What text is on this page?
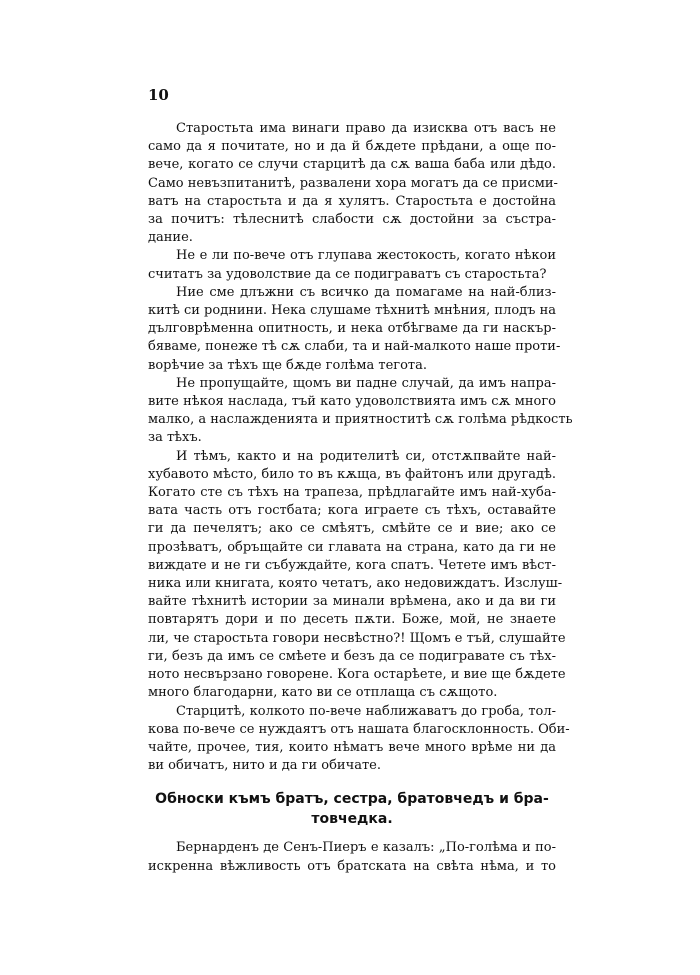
10
Старостьта има винаги право да изисква отъ васъ не
само да я почитате, но и да й бѫдете прѣдани, а още по-
вече, когато се случи старцитѣ да сѫ ваша баба или дѣдо.
Само невъзпитанитѣ, развалени хора могатъ да се присми-
ватъ на старостьта и да я хулятъ. Старостьта е достойна
за почитъ: тѣлеснитѣ слабости сѫ достойни за състра-
дание.
Не е ли по-вече отъ глупава жестокость, когато нѣкои
считатъ за удоволствие да се подиграватъ съ старостьта?
Ние сме длъжни съ всичко да помагаме на най-близ-
китѣ си роднини. Нека слушаме тѣхнитѣ мнѣния, плодъ на
дълговрѣменна опитность, и нека отбѣгваме да ги наскър-
бяваме, понеже тѣ сѫ слаби, та и най-малкото наше проти-
ворѣчие за тѣхъ ще бѫде голѣма тегота.
Не пропущайте, щомъ ви падне случай, да имъ напра-
вите нѣкоя наслада, тъй като удоволствията имъ сѫ много
малко, а наслажденията и приятноститѣ сѫ голѣма рѣдкость
за тѣхъ.
И тѣмъ, както и на родителитѣ си, отстѫпвайте най-
хубавото мѣсто, било то въ кѫща, въ файтонъ или другадѣ.
Когато сте съ тѣхъ на трапеза, прѣдлагайте имъ най-хуба-
вата часть отъ гостбата; кога играете съ тѣхъ, оставайте
ги да печелятъ; ако се смѣятъ, смѣйте се и вие; ако се
прозѣватъ, обръщайте си главата на страна, като да ги не
виждате и не ги събуждайте, кога спатъ. Четете имъ вѣст-
ника или книгата, която четатъ, ако недовиждатъ. Изслуш-
вайте тѣхнитѣ истории за минали врѣмена, ако и да ви ги
повтарятъ дори и по десеть пѫти. Боже, мой, не знаете
ли, че старостьта говори несвѣстно?! Щомъ е тъй, слушайте
ги, безъ да имъ се смѣете и безъ да се подигравате съ тѣх-
ното несвързано говорене. Кога остарѣете, и вие ще бѫдете
много благодарни, като ви се отплаща съ сѫщото.
Старцитѣ, колкото по-вече наближаватъ до гроба, тол-
кова по-вече се нуждаятъ отъ нашата благосклонность. Оби-
чайте, прочее, тия, които нѣматъ вече много врѣме ни да
ви обичатъ, нито и да ги обичате.
Обноски къмъ братъ, сестра, братовчедъ и бра-
товчедка.
Бернарденъ де Сенъ-Пиеръ е казалъ: „По-голѣма и по-
искренна вѣжливость отъ братската на свѣта нѣма, и то
